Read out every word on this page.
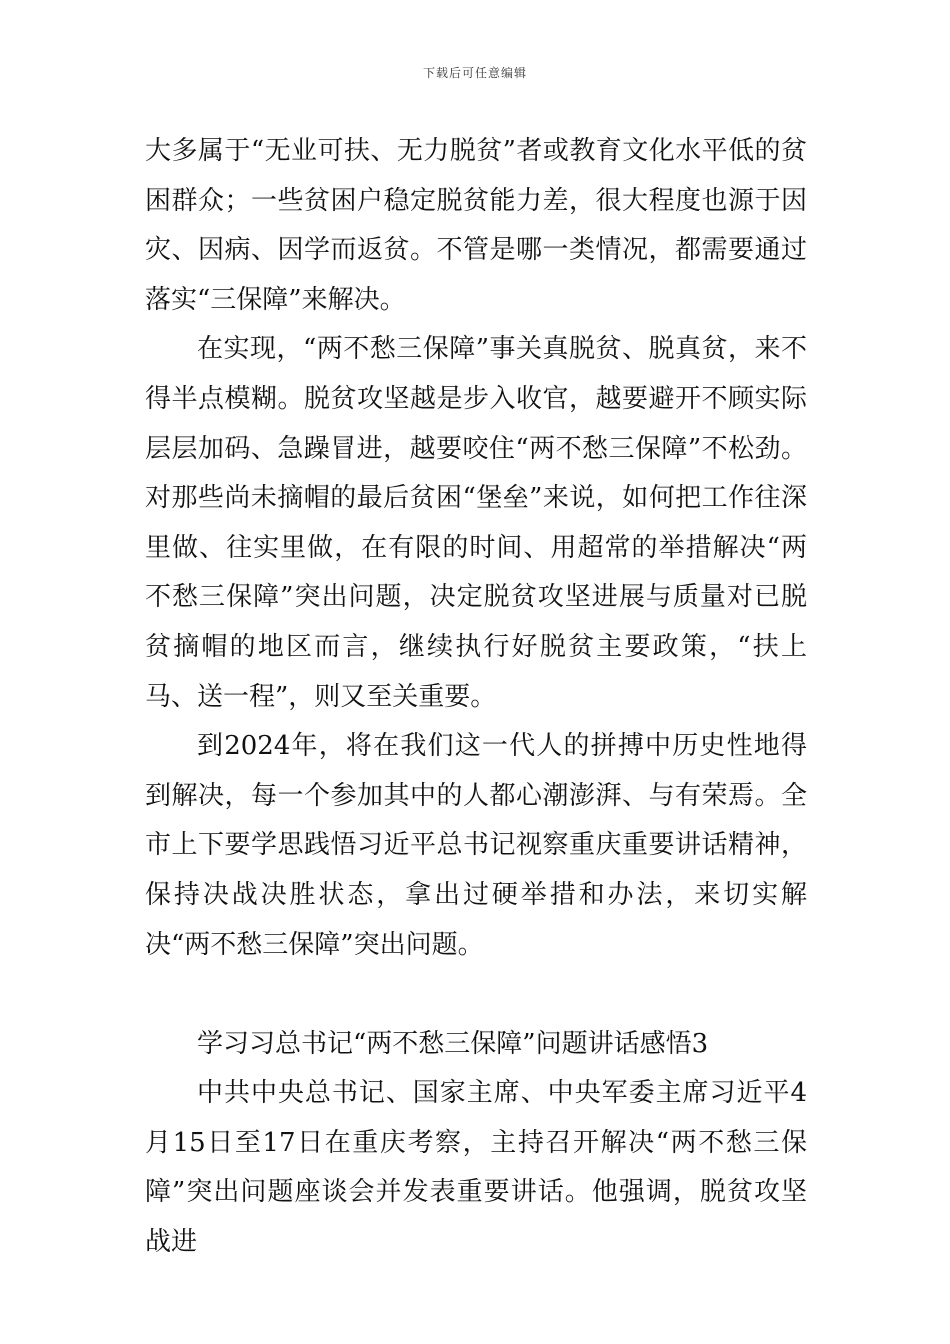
下载后可任意编辑

大多属于“无业可扶、无力脱贫”者或教育文化水平低的贫困群众；一些贫困户稳定脱贫能力差，很大程度也源于因灾、因病、因学而返贫。不管是哪一类情况，都需要通过落实“三保障”来解决。

在实现，“两不愁三保障”事关真脱贫、脱真贫，来不得半点模糊。脱贫攻坚越是步入收官，越要避开不顾实际层层加码、急躁冒进，越要咬住“两不愁三保障”不松劲。对那些尚未摘帽的最后贫困“堡垒”来说，如何把工作往深里做、往实里做，在有限的时间、用超常的举措解决“两不愁三保障”突出问题，决定脱贫攻坚进展与质量对已脱贫摘帽的地区而言，继续执行好脱贫主要政策，“扶上马、送一程”，则又至关重要。

到2024年，将在我们这一代人的拼搏中历史性地得到解决，每一个参加其中的人都心潮澎湃、与有荣焉。全市上下要学思践悟习近平总书记视察重庆重要讲话精神，保持决战决胜状态，拿出过硬举措和办法，来切实解决“两不愁三保障”突出问题。

学习习总书记“两不愁三保障”问题讲话感悟3

中共中央总书记、国家主席、中央军委主席习近平4月15日至17日在重庆考察，主持召开解决“两不愁三保障”突出问题座谈会并发表重要讲话。他强调，脱贫攻坚战进
